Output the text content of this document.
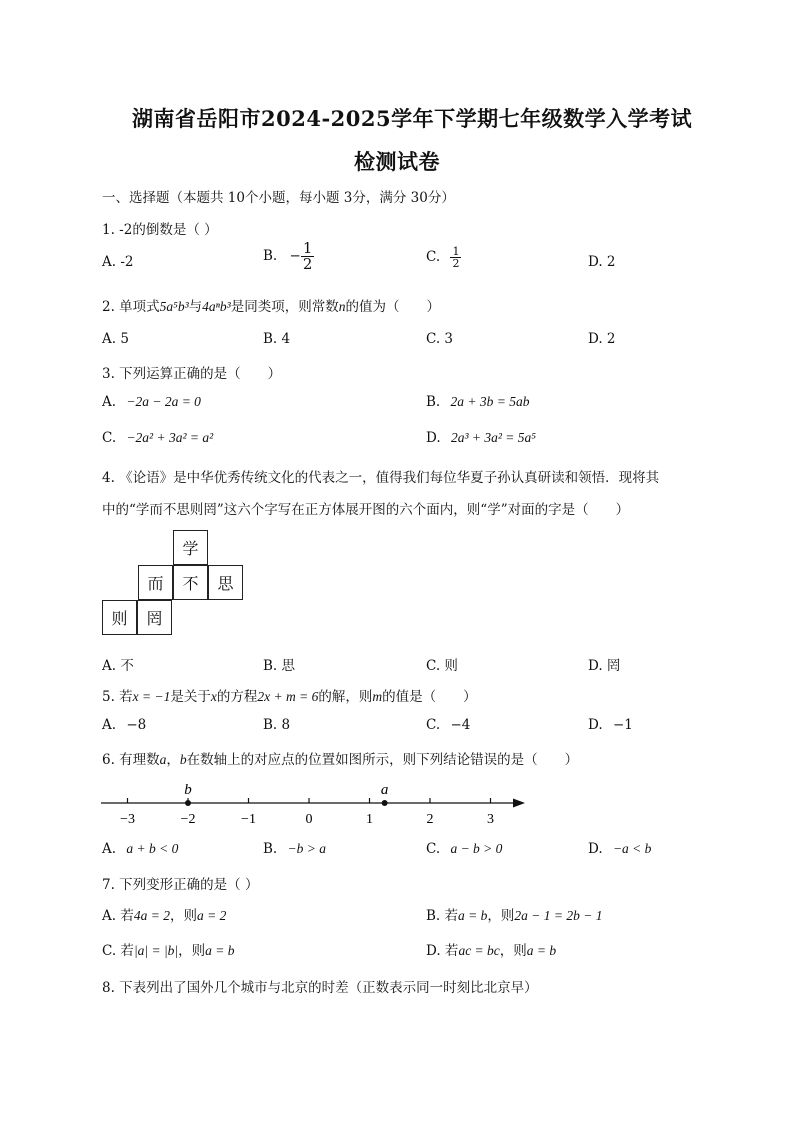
湖南省岳阳市2024-2025学年下学期七年级数学入学考试
检测试卷
一、选择题（本题共 10个小题，每小题 3分，满分 30分）
1. -2的倒数是（ ）
A. -2	B. − $\frac{1}{2}$	C. $\frac{1}{2}$	D. 2
2. 单项式5a⁵b³与4aⁿb³是同类项，则常数n的值为（　　）
A. 5	B. 4	C. 3	D. 2
3. 下列运算正确的是（　　）
A. −2a − 2a = 0	B. 2a + 3b = 5ab
C. −2a² + 3a² = a²	D. 2a³ + 3a² = 5a⁵
4. 《论语》是中华优秀传统文化的代表之一，值得我们每位华夏子孙认真研读和领悟．现将其
中的“学而不思则罔”这六个字写在正方体展开图的六个面内，则“学”对面的字是（　　）
学
而	不	思
则	罔
A. 不	B. 思	C. 则	D. 罔
5. 若x = −1是关于x的方程2x + m = 6的解，则m的值是（　　）
A. −8	B. 8	C. −4	D. −1
6. 有理数a，b在数轴上的对应点的位置如图所示，则下列结论错误的是（　　）
−3	−2	−1	0	1	2	3
b	a
A. a + b < 0	B. −b > a	C. a − b > 0	D. −a < b
7. 下列变形正确的是（ ）
A. 若4a = 2，则a = 2	B. 若a = b，则2a − 1 = 2b − 1
C. 若|a| = |b|，则a = b	D. 若ac = bc，则a = b
8. 下表列出了国外几个城市与北京的时差（正数表示同一时刻比北京早）
